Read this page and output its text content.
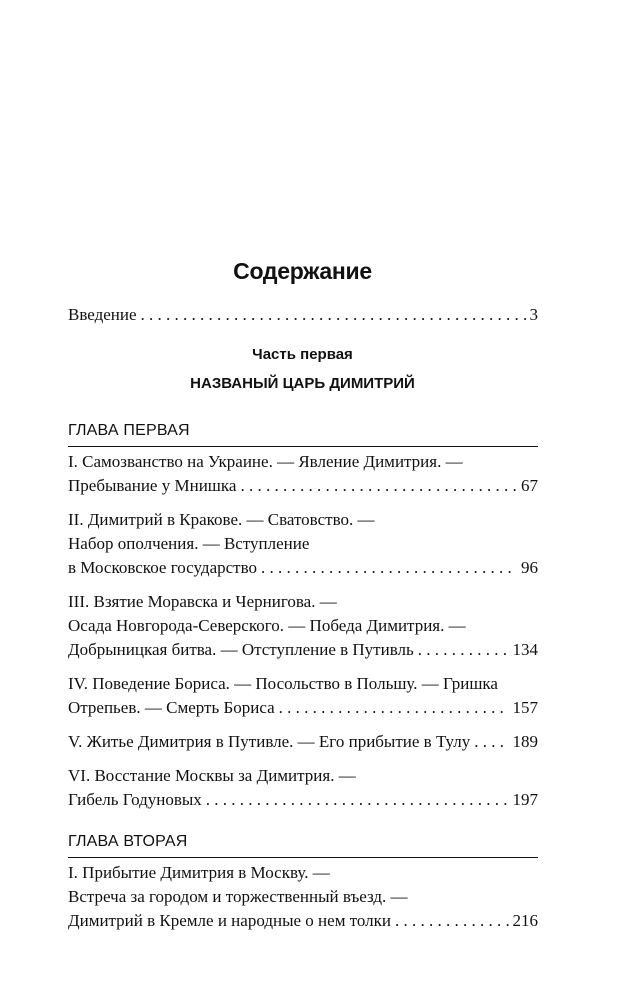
Содержание
Введение . . .	3
Часть первая
НАЗВАНЫЙ ЦАРЬ ДИМИТРИЙ
ГЛАВА ПЕРВАЯ
I. Самозванство на Украине. — Явление Димитрия. —
Пребывание у Мнишка . . .	67
II. Димитрий в Кракове. — Сватовство. —
Набор ополчения. — Вступление
в Московское государство . . .	96
III. Взятие Моравска и Чернигова. —
Осада Новгорода-Северского. — Победа Димитрия. —
Добрыницкая битва. — Отступление в Путивль . . .	134
IV. Поведение Бориса. — Посольство в Польшу. — Гришка
Отрепьев. — Смерть Бориса . . .	157
V. Житье Димитрия в Путивле. — Его прибытие в Тулу . . . 189
VI. Восстание Москвы за Димитрия. —
Гибель Годуновых . . .	197
ГЛАВА ВТОРАЯ
I. Прибытие Димитрия в Москву. —
Встреча за городом и торжественный въезд. —
Димитрий в Кремле и народные о нем толки . . .	216
